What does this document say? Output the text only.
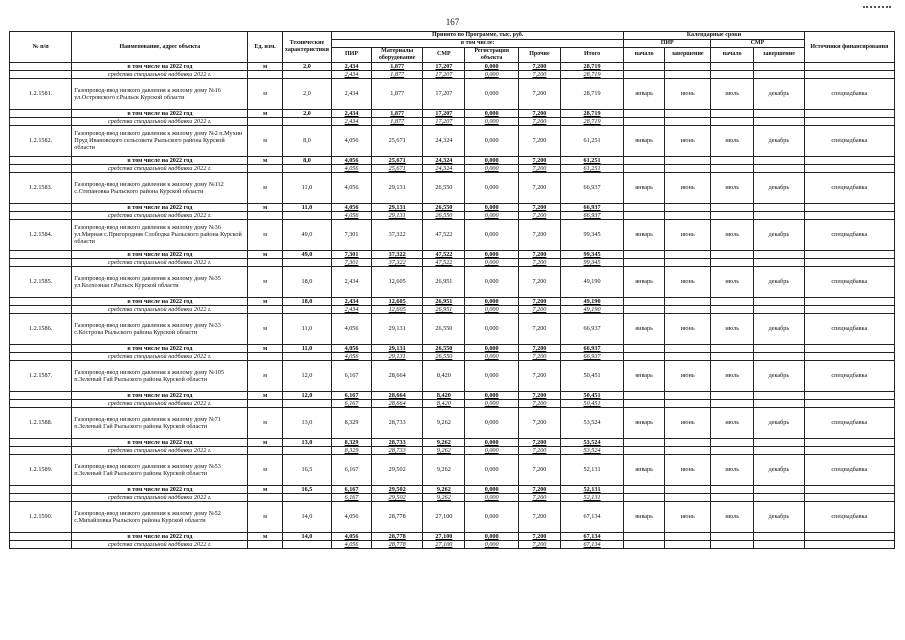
167
№ п/п	Наименование, адрес объекта	Ед. изм.	Технические характеристики	Принято по Программе, тыс. руб.						Календарные сроки				Источники финансирования
				в том числе:						ПИР		СМР		
				ПИР	Материалы оборудование	СМР	Регистрация объекта	Прочие	Итого	начало	завершение	начало	завершение	
	в том числе на 2022 год	м	2,0	2,434	1,877	17,207	0,000	7,200	28,719					
	средства специальной надбавки 2022 г.			2,434	1,877	17,207	0,000	7,200	28,719					
1.2.1581.	Газопровод-ввод низкого давления к жилому дому №16 ул.Островского г.Рыльск Курской области	м	2,0	2,434	1,877	17,207	0,000	7,200	28,719	январь	июнь	июль	декабрь	спецнадбавка
	в том числе на 2022 год	м	2,0	2,434	1,877	17,207	0,000	7,200	28,719					
	средства специальной надбавки 2022 г.			2,434	1,877	17,207	0,000	7,200	28,719					
1.2.1582.	Газопровод-ввод низкого давления к жилому дому №2 п.Мухин Пруд Ивановского сельсовета Рыльского района Курской области	м	8,0	4,056	25,671	24,324	0,000	7,200	61,251	январь	июнь	июль	декабрь	спецнадбавка
	в том числе на 2022 год	м	8,0	4,056	25,671	24,324	0,000	7,200	61,251					
	средства специальной надбавки 2022 г.			4,056	25,671	24,324	0,000	7,200	61,251					
1.2.1583.	Газопровод-ввод низкого давления к жилому дому №112 с.Степановка Рыльского района Курской области	м	11,0	4,056	29,131	26,550	0,000	7,200	66,937	январь	июнь	июль	декабрь	спецнадбавка
	в том числе на 2022 год	м	11,0	4,056	29,131	26,550	0,000	7,200	66,937					
	средства специальной надбавки 2022 г.			4,056	29,131	26,550	0,000	7,200	66,937					
1.2.1584.	Газопровод-ввод низкого давления к жилому дому №36 ул.Мирная с.Пригородняя Слободка Рыльского района Курской области	м	49,0	7,301	37,322	47,522	0,000	7,200	99,345	январь	июнь	июль	декабрь	спецнадбавка
	в том числе на 2022 год	м	49,0	7,301	37,322	47,522	0,000	7,200	99,345					
	средства специальной надбавки 2022 г.			7,301	37,322	47,522	0,000	7,200	99,345					
1.2.1585.	Газопровод-ввод низкого давления к жилому дому №35 ул.Колхозная г.Рыльск Курской области	м	18,0	2,434	12,605	26,951	0,000	7,200	49,190	январь	июнь	июль	декабрь	спецнадбавка
	в том числе на 2022 год	м	18,0	2,434	12,605	26,951	0,000	7,200	49,190					
	средства специальной надбавки 2022 г.			2,434	12,605	26,951	0,000	7,200	49,190					
1.2.1586.	Газопровод-ввод низкого давления к жилому дому №33 с.Кострова Рыльского района Курской области	м	11,0	4,056	29,131	26,550	0,000	7,200	66,937	январь	июнь	июль	декабрь	спецнадбавка
	в том числе на 2022 год	м	11,0	4,056	29,131	26,550	0,000	7,200	66,937					
	средства специальной надбавки 2022 г.			4,056	29,131	26,550	0,000	7,200	66,937					
1.2.1587.	Газопровод-ввод низкого давления к жилому дому №105 п.Зеленый Гай Рыльского района Курской области	м	12,0	6,167	28,664	8,420	0,000	7,200	50,451	январь	июнь	июль	декабрь	спецнадбавка
	в том числе на 2022 год	м	12,0	6,167	28,664	8,420	0,000	7,200	50,451					
	средства специальной надбавки 2022 г.			6,167	28,664	8,420	0,000	7,200	50,451					
1.2.1588.	Газопровод-ввод низкого давления к жилому дому №71 п.Зеленый Гай Рыльского района Курской области	м	13,0	8,329	28,733	9,262	0,000	7,200	53,524	январь	июнь	июль	декабрь	спецнадбавка
	в том числе на 2022 год	м	13,0	8,329	28,733	9,262	0,000	7,200	53,524					
	средства специальной надбавки 2022 г.			8,329	28,733	9,262	0,000	7,200	53,524					
1.2.1589.	Газопровод-ввод низкого давления к жилому дому №53 п.Зеленый Гай Рыльского района Курской области	м	16,5	6,167	29,502	9,262	0,000	7,200	52,131	январь	июнь	июль	декабрь	спецнадбавка
	в том числе на 2022 год	м	16,5	6,167	29,502	9,262	0,000	7,200	52,131					
	средства специальной надбавки 2022 г.			6,167	29,502	9,262	0,000	7,200	52,131					
1.2.1590.	Газопровод-ввод низкого давления к жилому дому №52 с.Михайловка Рыльского района Курской области	м	14,0	4,056	28,778	27,100	0,000	7,200	67,134	январь	июнь	июль	декабрь	спецнадбавка
	в том числе на 2022 год	м	14,0	4,056	28,778	27,100	0,000	7,200	67,134					
	средства специальной надбавки 2022 г.			4,056	28,778	27,100	0,000	7,200	67,134					
